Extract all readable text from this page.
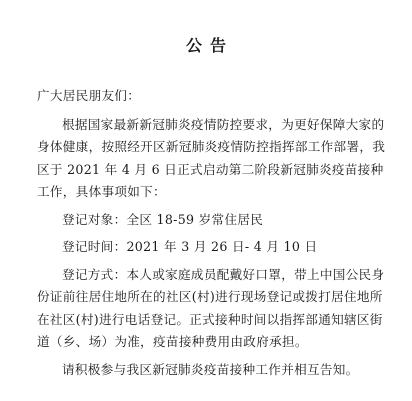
公告

广大居民朋友们：

根据国家最新新冠肺炎疫情防控要求，为更好保障大家的身体健康，按照经开区新冠肺炎疫情防控指挥部工作部署，我区于 2021 年 4 月 6 日正式启动第二阶段新冠肺炎疫苗接种工作，具体事项如下：

登记对象：全区 18-59 岁常住居民

登记时间：2021 年 3 月 26 日- 4 月 10 日

登记方式：本人或家庭成员配戴好口罩，带上中国公民身份证前往居住地所在的社区(村)进行现场登记或拨打居住地所在社区(村)进行电话登记。正式接种时间以指挥部通知辖区街道（乡、场）为准，疫苗接种费用由政府承担。

请积极参与我区新冠肺炎疫苗接种工作并相互告知。
